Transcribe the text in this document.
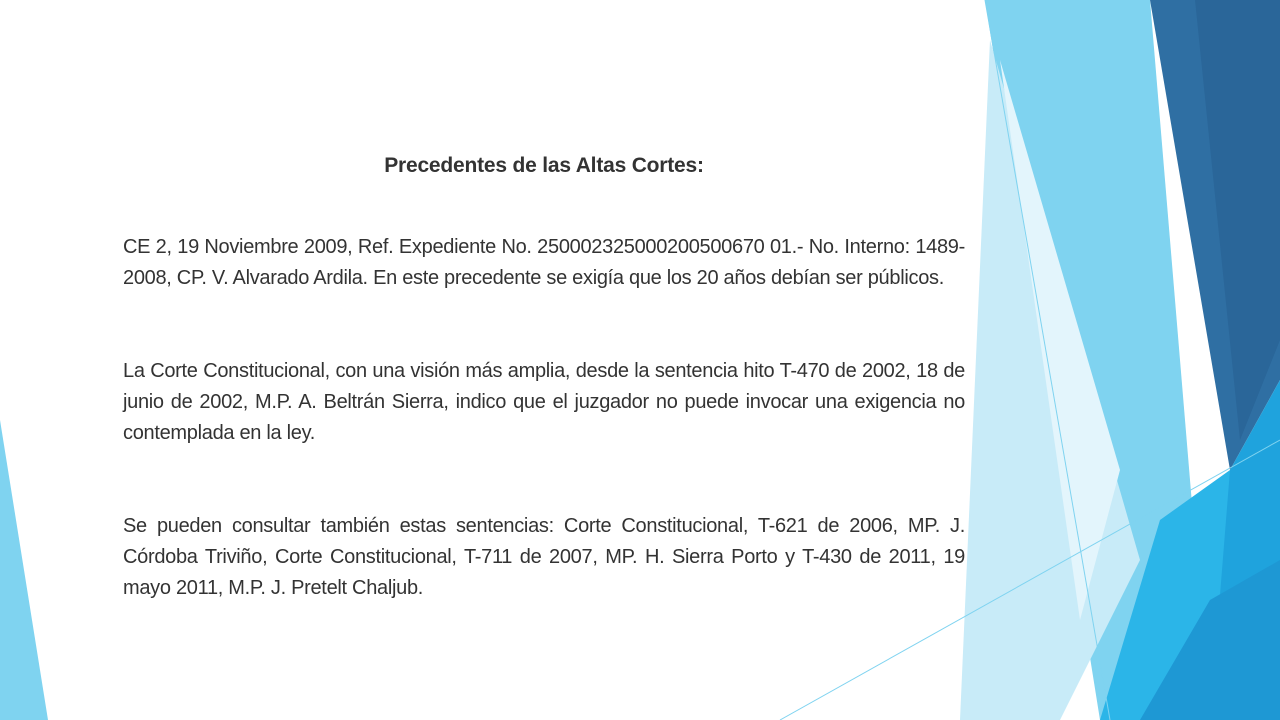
Precedentes de las Altas Cortes:

CE 2, 19 Noviembre 2009, Ref. Expediente No. 250002325000200500670 01.- No. Interno: 1489-2008, CP. V. Alvarado Ardila. En este precedente se exigía que los 20 años debían ser públicos.

La Corte Constitucional, con una visión más amplia, desde la sentencia hito T-470 de 2002, 18 de junio de 2002, M.P. A. Beltrán Sierra, indico que el juzgador no puede invocar una exigencia no contemplada en la ley.

Se pueden consultar también estas sentencias: Corte Constitucional, T-621 de 2006, MP. J. Córdoba Triviño, Corte Constitucional, T-711 de 2007, MP. H. Sierra Porto y T-430 de 2011, 19 mayo 2011, M.P. J. Pretelt Chaljub.
